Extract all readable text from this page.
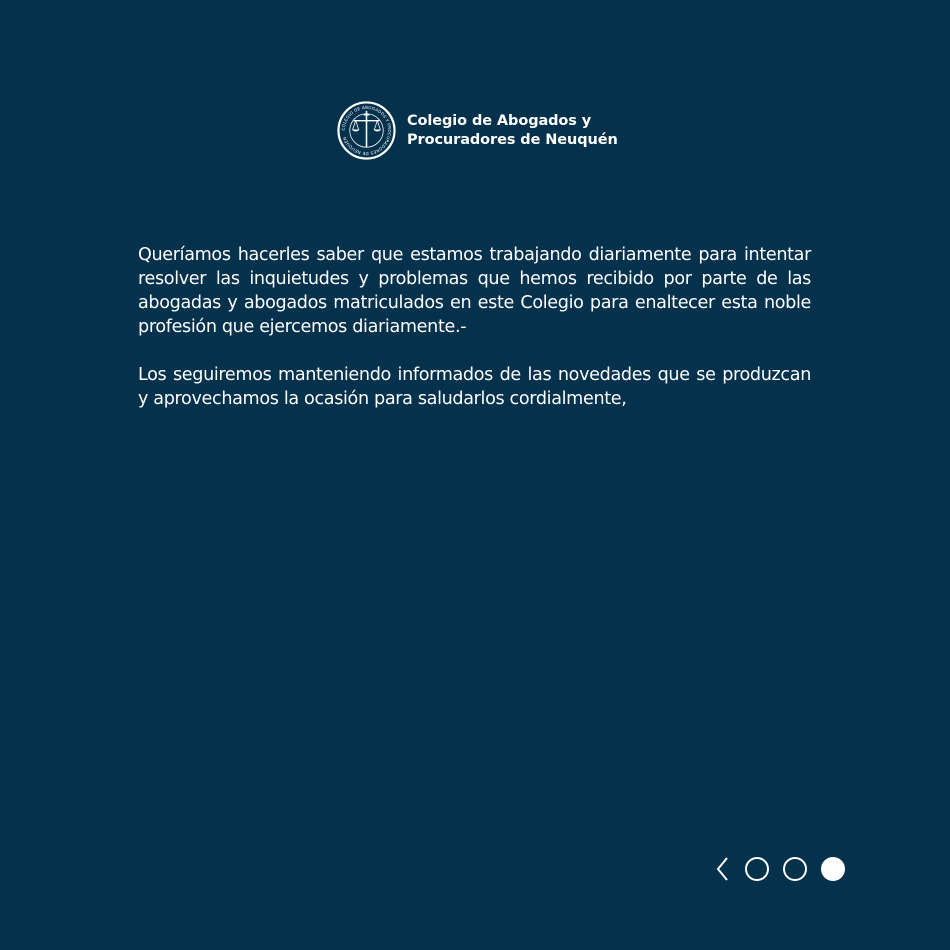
COLEGIO DE ABOGADOS Y PROCURADORES DE NEUQUÉN
Colegio de Abogados y
Procuradores de Neuquén

Queríamos hacerles saber que estamos trabajando diariamente para intentar resolver las inquietudes y problemas que hemos recibido por parte de las abogadas y abogados matriculados en este Colegio para enaltecer esta noble profesión que ejercemos diariamente.-

Los seguiremos manteniendo informados de las novedades que se produzcan y aprovechamos la ocasión para saludarlos cordialmente,
